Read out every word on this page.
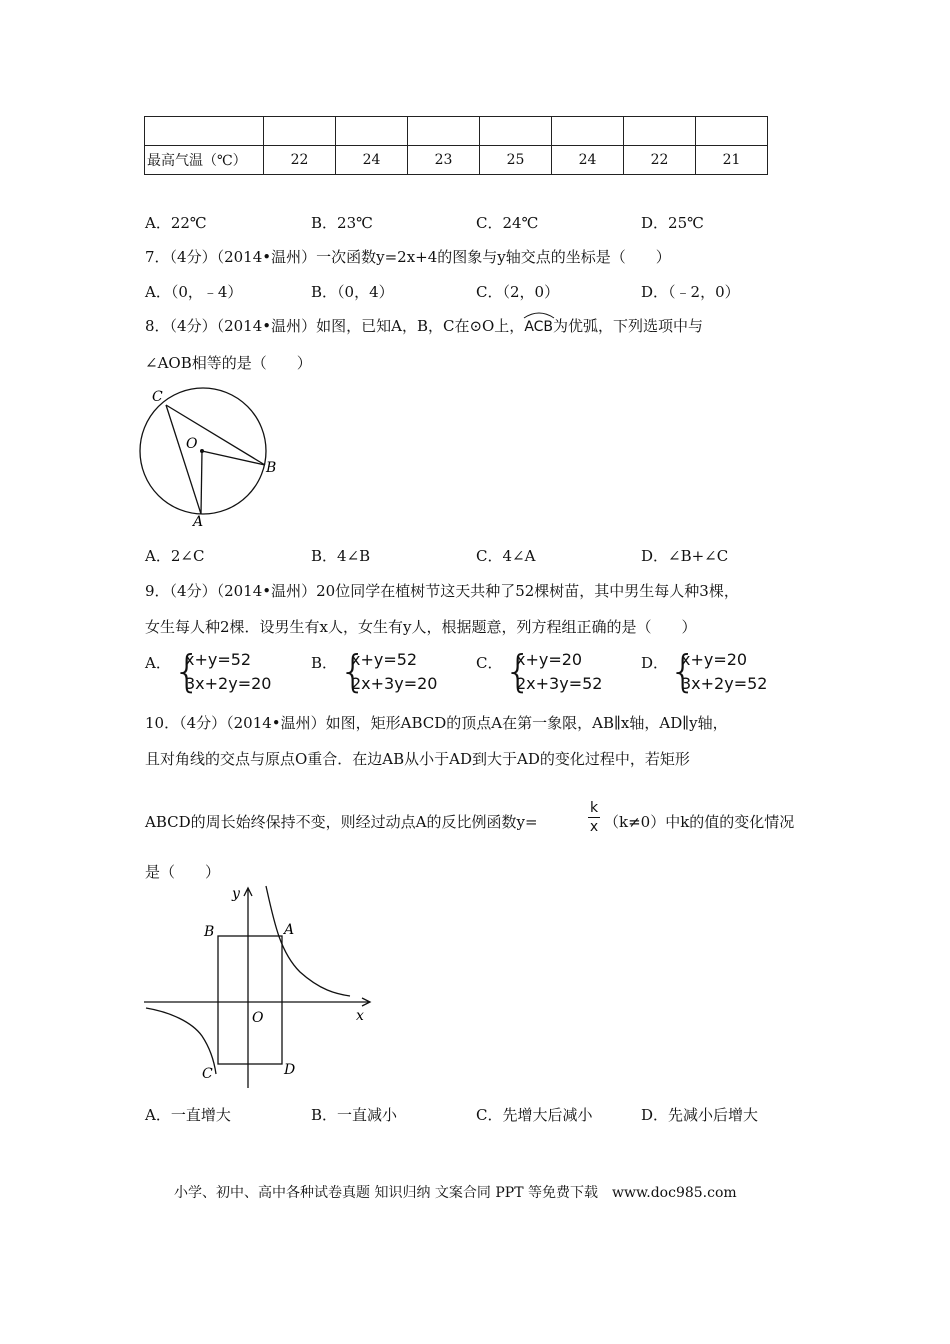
最高气温（℃）	22	24	23	25	24	22	21
A．22℃	B．23℃	C．24℃	D．25℃
7．（4分）（2014•温州）一次函数y=2x+4的图象与y轴交点的坐标是（　　）
A．（0，﹣4）	B．（0，4）	C．（2，0）	D．（﹣2，0）
8．（4分）（2014•温州）如图，已知A，B，C在⊙O上，
ACB为优弧，下列选项中与
∠AOB相等的是（　　）
C
O
B
A
A．2∠C	B．4∠B	C．4∠A	D．∠B+∠C
9．（4分）（2014•温州）20位同学在植树节这天共种了52棵树苗，其中男生每人种3棵，
女生每人种2棵．设男生有x人，女生有y人，根据题意，列方程组正确的是（　　）
A． {
x+y=52
3x+2y=20
B． {
x+y=52
2x+3y=20
C． {
x+y=20
2x+3y=52
D． {
x+y=20
3x+2y=52
10．（4分）（2014•温州）如图，矩形ABCD的顶点A在第一象限，AB∥x轴，AD∥y轴，
且对角线的交点与原点O重合．在边AB从小于AD到大于AD的变化过程中，若矩形
ABCD的周长始终保持不变，则经过动点A的反比例函数y=
k
x （k≠0）中k的值的变化情况
是（　　）
y
x
B	A
O
C	D
A．一直增大	B．一直减小	C．先增大后减小	D．先减小后增大
小学、初中、高中各种试卷真题 知识归纳 文案合同 PPT 等免费下载　www.doc985.com
